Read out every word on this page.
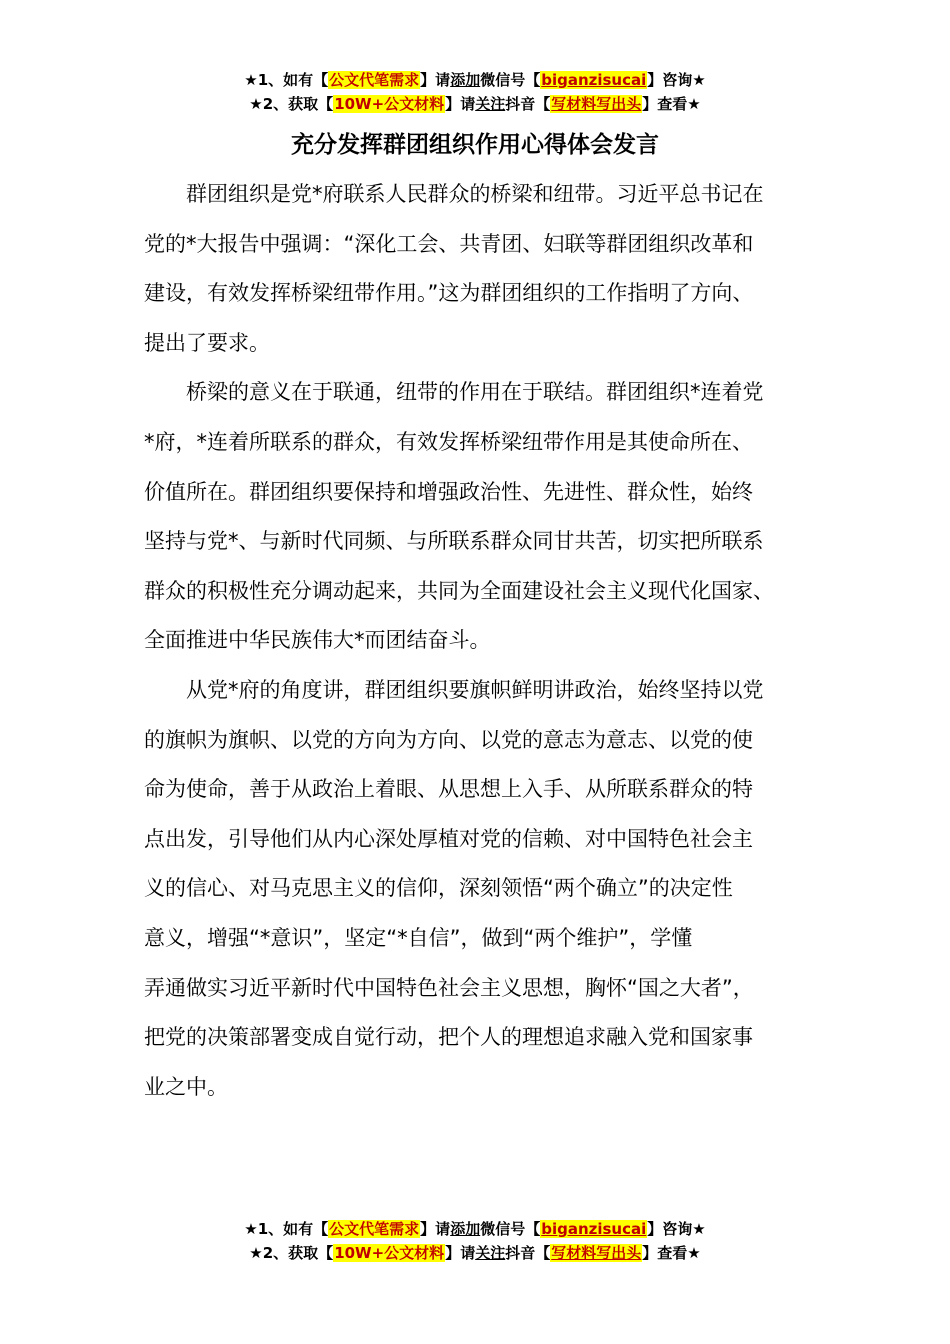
★1、如有【公文代笔需求】请添加微信号【biganzisucai】咨询★
★2、获取【10W+公文材料】请关注抖音【写材料写出头】查看★
充分发挥群团组织作用心得体会发言
　　群团组织是党*府联系人民群众的桥梁和纽带。习近平总书记在
党的*大报告中强调：“深化工会、共青团、妇联等群团组织改革和
建设，有效发挥桥梁纽带作用。”这为群团组织的工作指明了方向、
提出了要求。
　　桥梁的意义在于联通，纽带的作用在于联结。群团组织*连着党
*府，*连着所联系的群众，有效发挥桥梁纽带作用是其使命所在、
价值所在。群团组织要保持和增强政治性、先进性、群众性，始终
坚持与党*、与新时代同频、与所联系群众同甘共苦，切实把所联系
群众的积极性充分调动起来，共同为全面建设社会主义现代化国家、
全面推进中华民族伟大*而团结奋斗。
　　从党*府的角度讲，群团组织要旗帜鲜明讲政治，始终坚持以党
的旗帜为旗帜、以党的方向为方向、以党的意志为意志、以党的使
命为使命，善于从政治上着眼、从思想上入手、从所联系群众的特
点出发，引导他们从内心深处厚植对党的信赖、对中国特色社会主
义的信心、对马克思主义的信仰，深刻领悟“两个确立”的决定性
意义，增强“*意识”，坚定“*自信”，做到“两个维护”，学懂
弄通做实习近平新时代中国特色社会主义思想，胸怀“国之大者”，
把党的决策部署变成自觉行动，把个人的理想追求融入党和国家事
业之中。
★1、如有【公文代笔需求】请添加微信号【biganzisucai】咨询★
★2、获取【10W+公文材料】请关注抖音【写材料写出头】查看★
